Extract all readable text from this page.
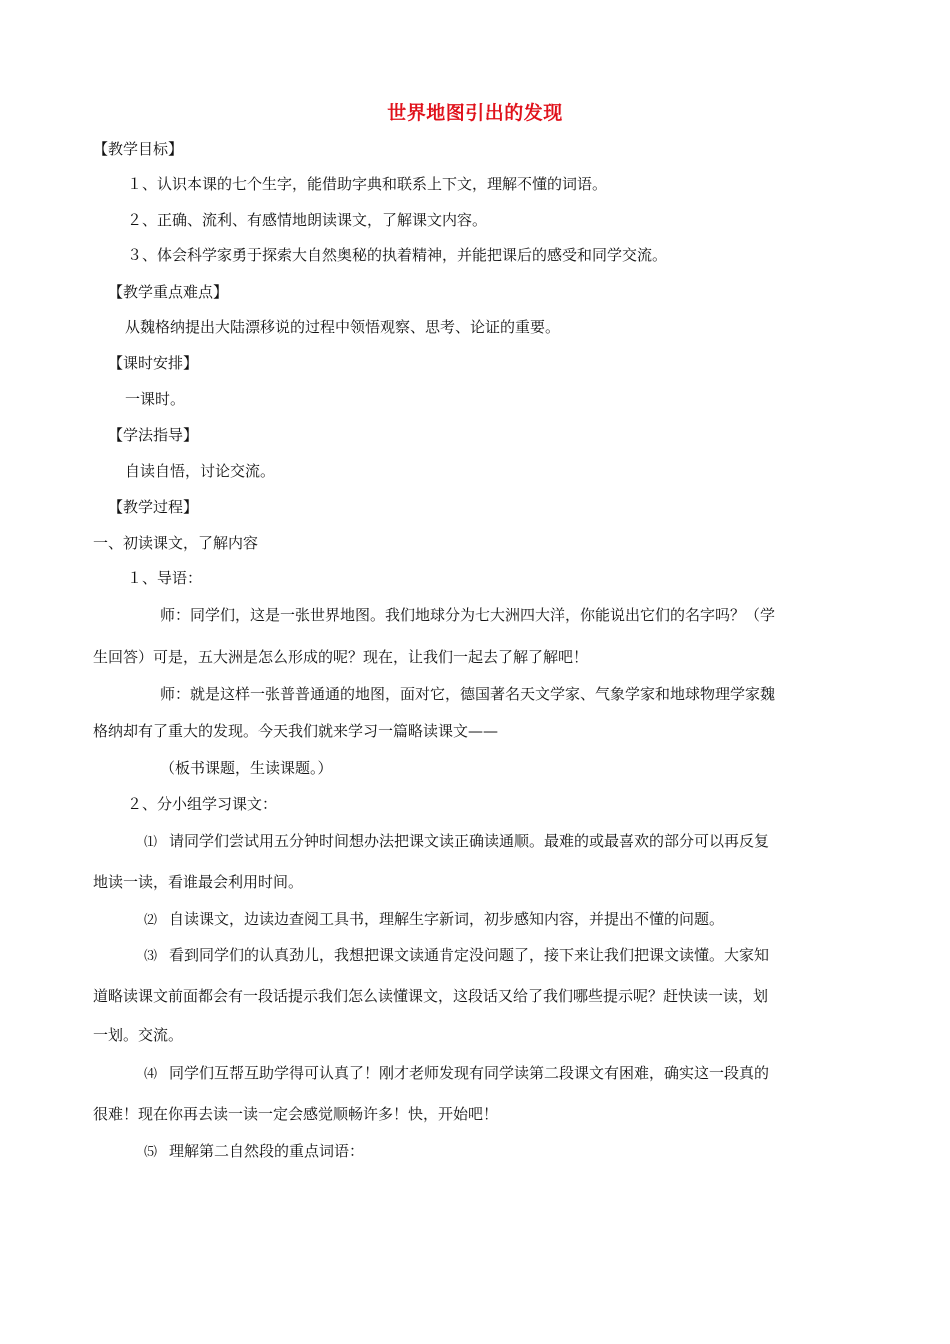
世界地图引出的发现
【教学目标】
１、认识本课的七个生字，能借助字典和联系上下文，理解不懂的词语。
２、正确、流利、有感情地朗读课文，了解课文内容。
３、体会科学家勇于探索大自然奥秘的执着精神，并能把课后的感受和同学交流。
【教学重点难点】
从魏格纳提出大陆漂移说的过程中领悟观察、思考、论证的重要。
【课时安排】
一课时。
【学法指导】
自读自悟，讨论交流。
【教学过程】
一、初读课文，了解内容
１、导语：
师：同学们，这是一张世界地图。我们地球分为七大洲四大洋，你能说出它们的名字吗？（学
生回答）可是，五大洲是怎么形成的呢？现在，让我们一起去了解了解吧！
师：就是这样一张普普通通的地图，面对它，德国著名天文学家、气象学家和地球物理学家魏
格纳却有了重大的发现。今天我们就来学习一篇略读课文——
（板书课题，生读课题。）
２、分小组学习课文：
⑴ 请同学们尝试用五分钟时间想办法把课文读正确读通顺。最难的或最喜欢的部分可以再反复
地读一读，看谁最会利用时间。
⑵ 自读课文，边读边查阅工具书，理解生字新词，初步感知内容，并提出不懂的问题。
⑶ 看到同学们的认真劲儿，我想把课文读通肯定没问题了，接下来让我们把课文读懂。大家知
道略读课文前面都会有一段话提示我们怎么读懂课文，这段话又给了我们哪些提示呢？赶快读一读，划
一划。交流。
⑷ 同学们互帮互助学得可认真了！刚才老师发现有同学读第二段课文有困难，确实这一段真的
很难！现在你再去读一读一定会感觉顺畅许多！快，开始吧！
⑸ 理解第二自然段的重点词语：
